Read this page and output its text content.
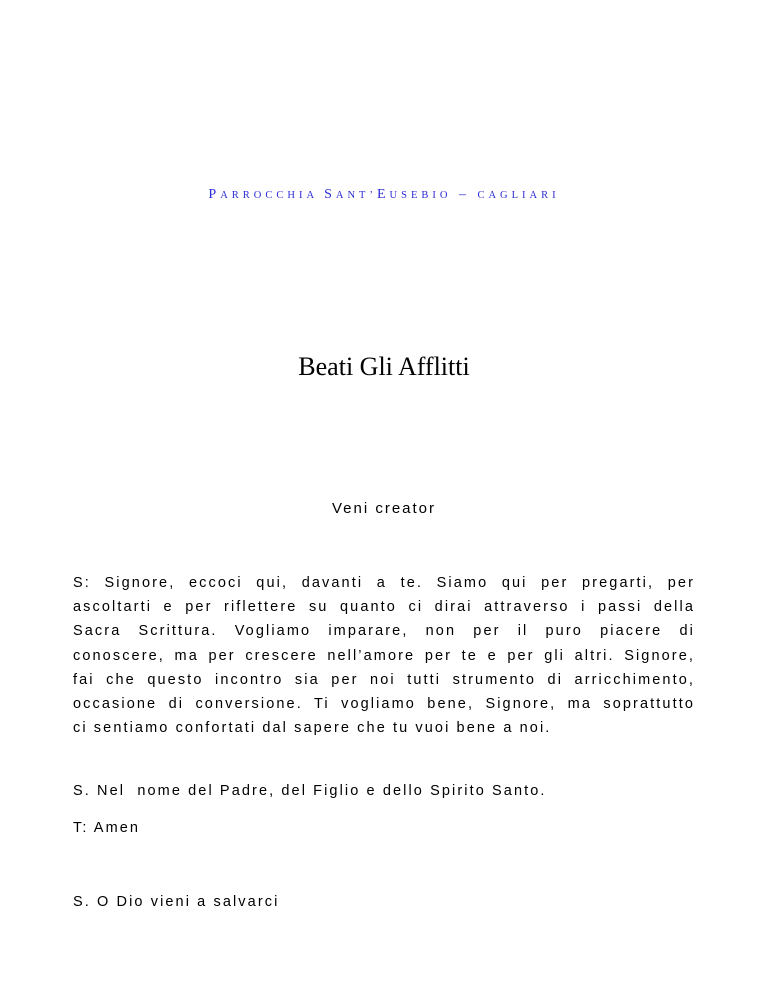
PARROCCHIA SANT’EUSEBIO – CAGLIARI
Beati Gli Afflitti
Veni creator
S: Signore, eccoci qui, davanti a te. Siamo qui per pregarti, per
ascoltarti e per riflettere su quanto ci dirai attraverso i passi della
Sacra Scrittura. Vogliamo imparare, non per il puro piacere di
conoscere, ma per crescere nell’amore per te e per gli altri. Signore,
fai che questo incontro sia per noi tutti strumento di arricchimento,
occasione di conversione. Ti vogliamo bene, Signore, ma soprattutto
ci sentiamo confortati dal sapere che tu vuoi bene a noi.
S. Nel  nome del Padre, del Figlio e dello Spirito Santo.
T: Amen
S. O Dio vieni a salvarci
